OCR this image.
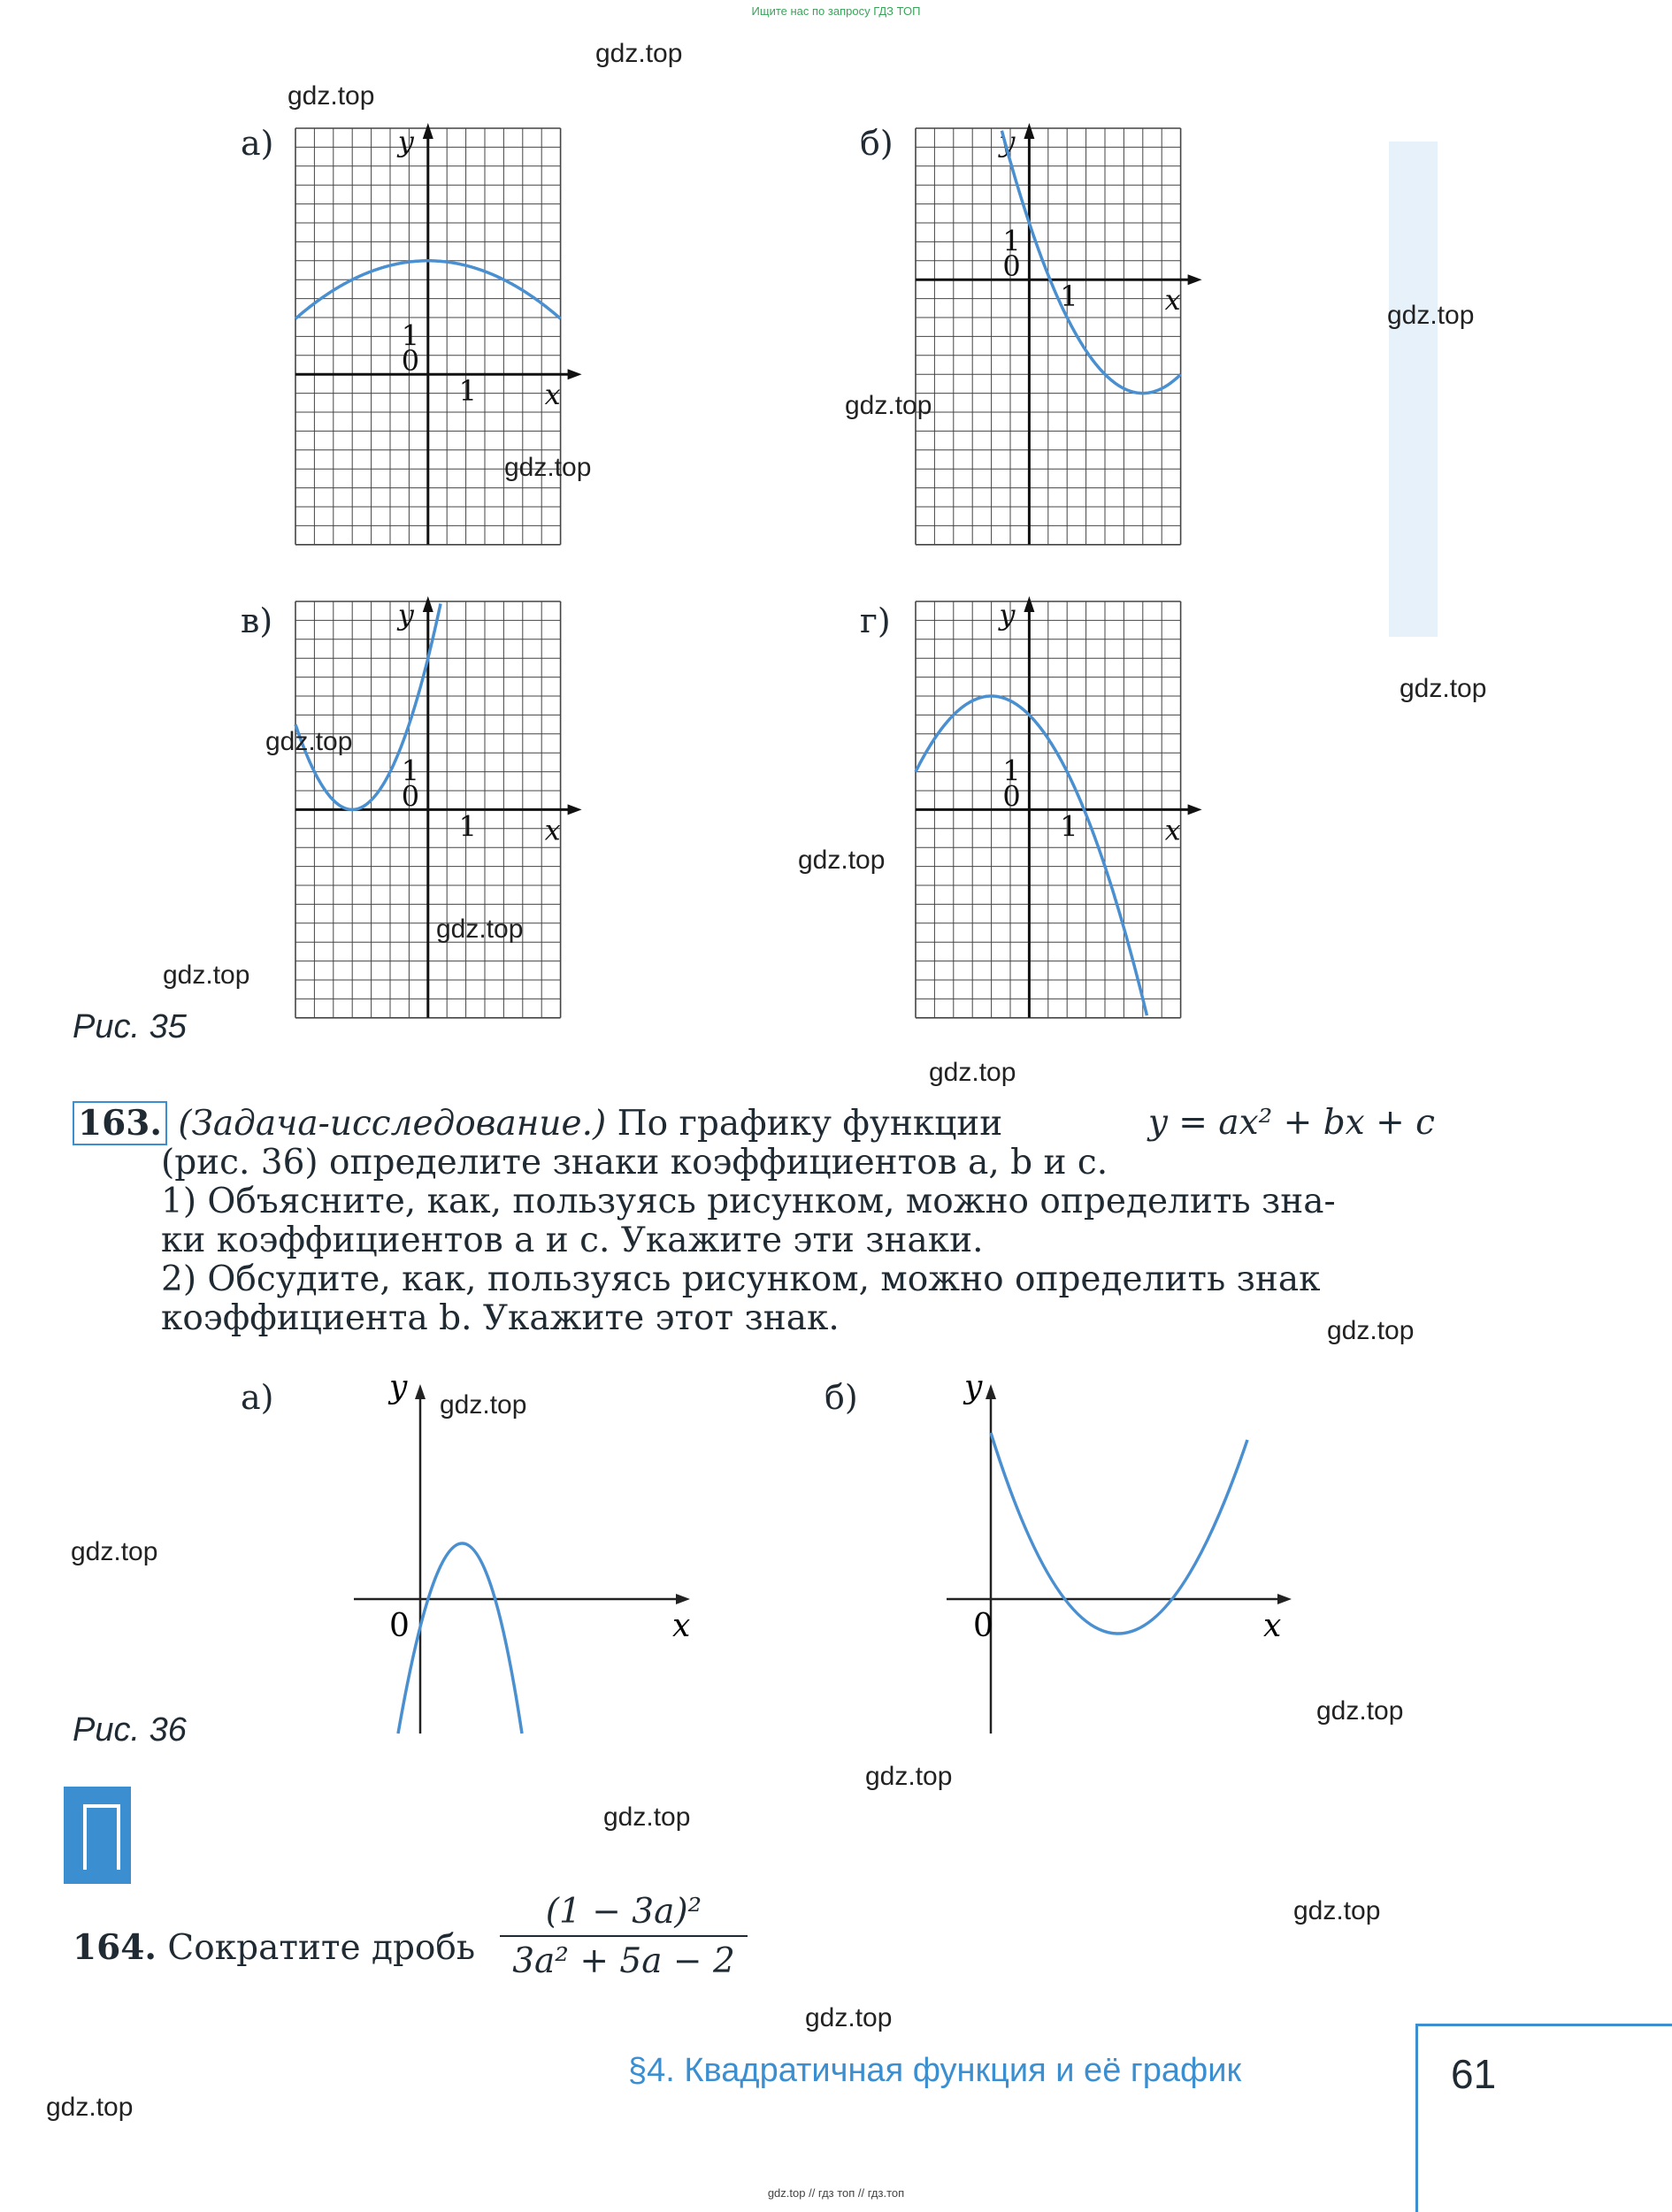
Ищите нас по запросу ГДЗ ТОП
а)	б)
в)	г)
y
x
0
1
1
y
x
0
1
1
y
x
0
1
1
y
x
0
1
1
Рис. 35
163. (Задача-исследование.) По графику функции	y = ax² + bx + c
(рис. 36) определите знаки коэффициентов a, b и c.
1) Объясните, как, пользуясь рисунком, можно определить зна-
ки коэффициентов a и c. Укажите эти знаки.
2) Обсудите, как, пользуясь рисунком, можно определить знак
коэффициента b. Укажите этот знак.
а)	б)
y
x
0
y
x
0
Рис. 36
164. Сократите дробь $\frac{\text{(1 − 3a)²}}{\text{3a² + 5a − 2}}$
§4. Квадратичная функция и её график	61
gdz.top
gdz.top
gdz.top
gdz.top
gdz.top
gdz.top
gdz.top
gdz.top
gdz.top
gdz.top
gdz.top
gdz.top
gdz.top
gdz.top
gdz.top
gdz.top
gdz.top
gdz.top
gdz.top
gdz.top
gdz.top // гдз топ // гдз.топ
